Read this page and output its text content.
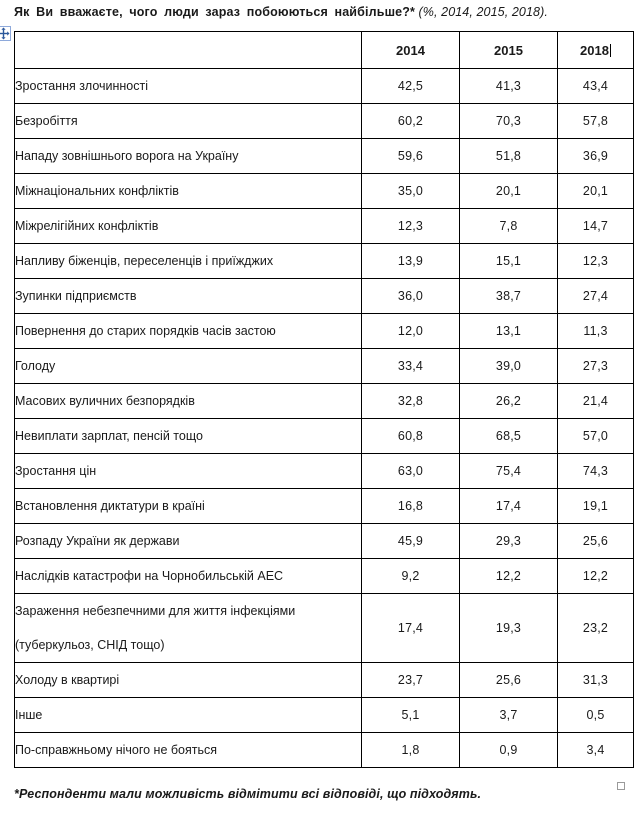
Як Ви вважаєте, чого люди зараз побоюються найбільше?* (%, 2014, 2015, 2018).
	2014	2015	2018
Зростання злочинності	42,5	41,3	43,4
Безробіття	60,2	70,3	57,8
Нападу зовнішнього ворога на Україну	59,6	51,8	36,9
Міжнаціональних конфліктів	35,0	20,1	20,1
Міжрелігійних конфліктів	12,3	7,8	14,7
Напливу біженців, переселенців і приїжджих	13,9	15,1	12,3
Зупинки підприємств	36,0	38,7	27,4
Повернення до старих порядків часів застою	12,0	13,1	11,3
Голоду	33,4	39,0	27,3
Масових вуличних безпорядків	32,8	26,2	21,4
Невиплати зарплат, пенсій тощо	60,8	68,5	57,0
Зростання цін	63,0	75,4	74,3
Встановлення диктатури в країні	16,8	17,4	19,1
Розпаду України як держави	45,9	29,3	25,6
Наслідків катастрофи на Чорнобильській АЕС	9,2	12,2	12,2

Зараження небезпечними для життя інфекціями
(туберкульоз, СНІД тощо)	17,4	19,3	23,2
Холоду в квартирі	23,7	25,6	31,3
Інше	5,1	3,7	0,5
По-справжньому нічого не бояться	1,8	0,9	3,4
*Респонденти мали можливість відмітити всі відповіді, що підходять.
